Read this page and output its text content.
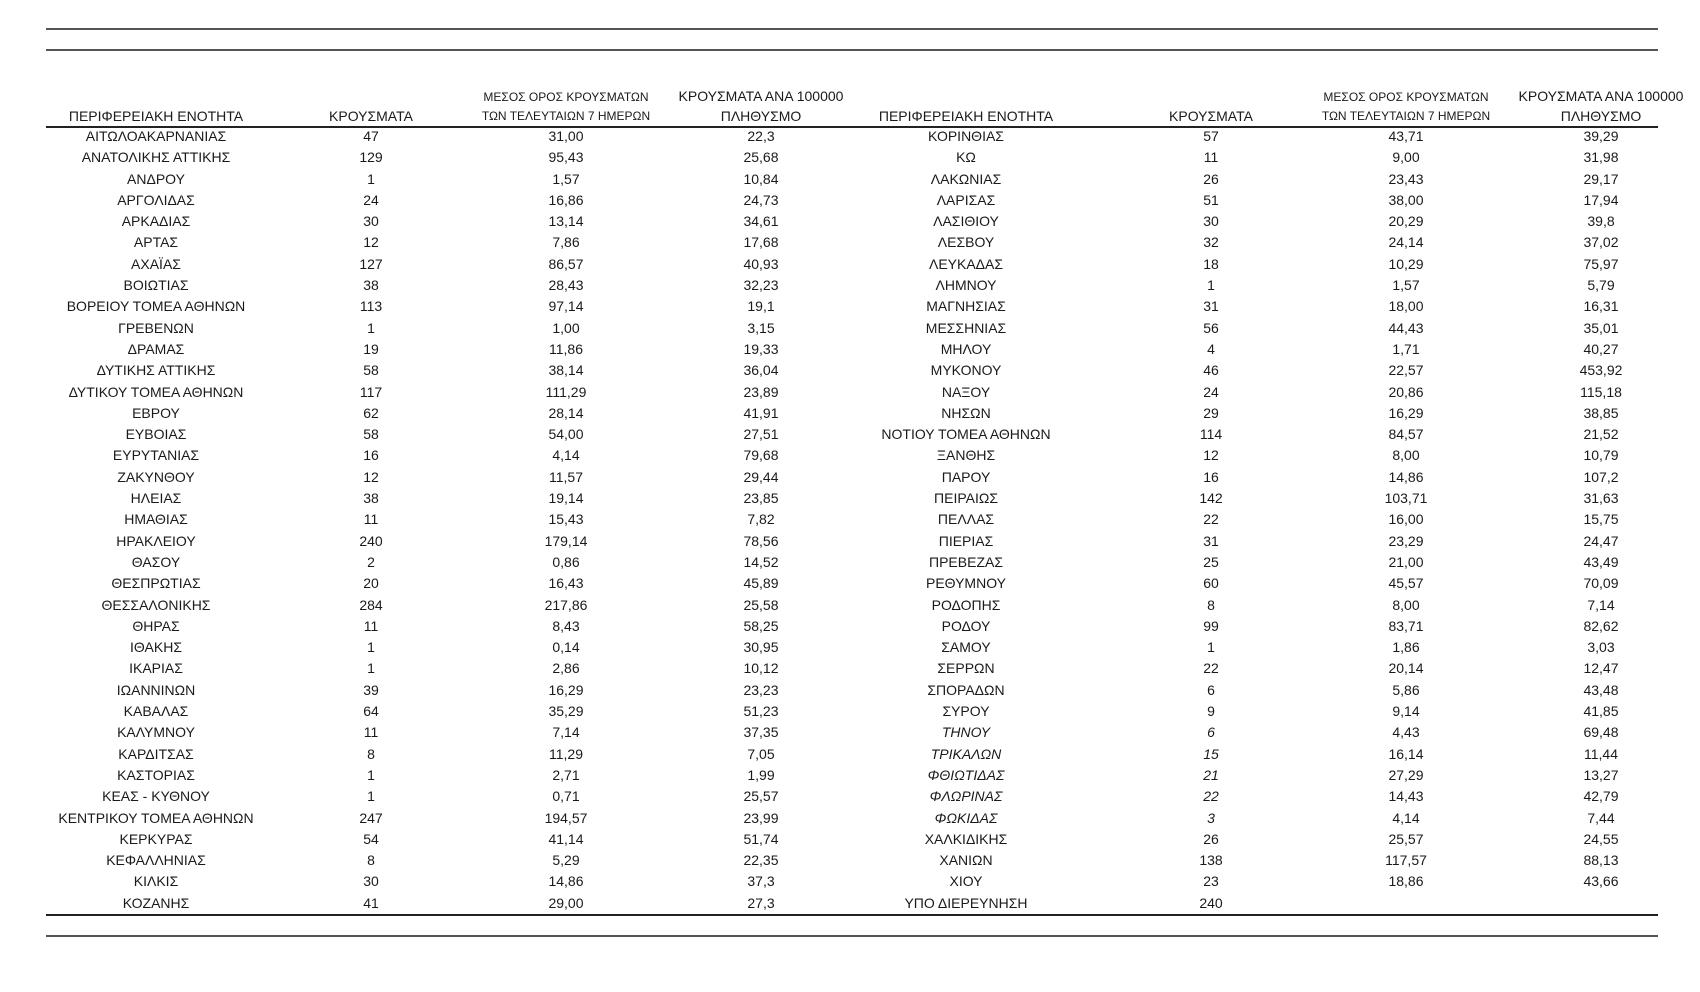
ΠΕΡΙΦΕΡΕΙΑΚΗ ΕΝΟΤΗΤΑ	ΚΡΟΥΣΜΑΤΑ
ΜΕΣΟΣ ΟΡΟΣ ΚΡΟΥΣΜΑΤΩΝ
ΤΩΝ ΤΕΛΕΥΤΑΙΩΝ 7 ΗΜΕΡΩΝ
ΚΡΟΥΣΜΑΤΑ ΑΝΑ 100000
ΠΛΗΘΥΣΜΟ
ΑΙΤΩΛΟΑΚΑΡΝΑΝΙΑΣ	47	31,00	22,3
ΑΝΑΤΟΛΙΚΗΣ ΑΤΤΙΚΗΣ	129	95,43	25,68
ΑΝΔΡΟΥ	1	1,57	10,84
ΑΡΓΟΛΙΔΑΣ	24	16,86	24,73
ΑΡΚΑΔΙΑΣ	30	13,14	34,61
ΑΡΤΑΣ	12	7,86	17,68
ΑΧΑΪΑΣ	127	86,57	40,93
ΒΟΙΩΤΙΑΣ	38	28,43	32,23
ΒΟΡΕΙΟΥ ΤΟΜΕΑ ΑΘΗΝΩΝ	113	97,14	19,1
ΓΡΕΒΕΝΩΝ	1	1,00	3,15
ΔΡΑΜΑΣ	19	11,86	19,33
ΔΥΤΙΚΗΣ ΑΤΤΙΚΗΣ	58	38,14	36,04
ΔΥΤΙΚΟΥ ΤΟΜΕΑ ΑΘΗΝΩΝ	117	111,29	23,89
ΕΒΡΟΥ	62	28,14	41,91
ΕΥΒΟΙΑΣ	58	54,00	27,51
ΕΥΡΥΤΑΝΙΑΣ	16	4,14	79,68
ΖΑΚΥΝΘΟΥ	12	11,57	29,44
ΗΛΕΙΑΣ	38	19,14	23,85
ΗΜΑΘΙΑΣ	11	15,43	7,82
ΗΡΑΚΛΕΙΟΥ	240	179,14	78,56
ΘΑΣΟΥ	2	0,86	14,52
ΘΕΣΠΡΩΤΙΑΣ	20	16,43	45,89
ΘΕΣΣΑΛΟΝΙΚΗΣ	284	217,86	25,58
ΘΗΡΑΣ	11	8,43	58,25
ΙΘΑΚΗΣ	1	0,14	30,95
ΙΚΑΡΙΑΣ	1	2,86	10,12
ΙΩΑΝΝΙΝΩΝ	39	16,29	23,23
ΚΑΒΑΛΑΣ	64	35,29	51,23
ΚΑΛΥΜΝΟΥ	11	7,14	37,35
ΚΑΡΔΙΤΣΑΣ	8	11,29	7,05
ΚΑΣΤΟΡΙΑΣ	1	2,71	1,99
ΚΕΑΣ - ΚΥΘΝΟΥ	1	0,71	25,57
ΚΕΝΤΡΙΚΟΥ ΤΟΜΕΑ ΑΘΗΝΩΝ	247	194,57	23,99
ΚΕΡΚΥΡΑΣ	54	41,14	51,74
ΚΕΦΑΛΛΗΝΙΑΣ	8	5,29	22,35
ΚΙΛΚΙΣ	30	14,86	37,3
ΚΟΖΑΝΗΣ	41	29,00	27,3
ΠΕΡΙΦΕΡΕΙΑΚΗ ΕΝΟΤΗΤΑ	ΚΡΟΥΣΜΑΤΑ
ΜΕΣΟΣ ΟΡΟΣ ΚΡΟΥΣΜΑΤΩΝ
ΤΩΝ ΤΕΛΕΥΤΑΙΩΝ 7 ΗΜΕΡΩΝ
ΚΡΟΥΣΜΑΤΑ ΑΝΑ 100000
ΠΛΗΘΥΣΜΟ
ΚΟΡΙΝΘΙΑΣ	57	43,71	39,29
ΚΩ	11	9,00	31,98
ΛΑΚΩΝΙΑΣ	26	23,43	29,17
ΛΑΡΙΣΑΣ	51	38,00	17,94
ΛΑΣΙΘΙΟΥ	30	20,29	39,8
ΛΕΣΒΟΥ	32	24,14	37,02
ΛΕΥΚΑΔΑΣ	18	10,29	75,97
ΛΗΜΝΟΥ	1	1,57	5,79
ΜΑΓΝΗΣΙΑΣ	31	18,00	16,31
ΜΕΣΣΗΝΙΑΣ	56	44,43	35,01
ΜΗΛΟΥ	4	1,71	40,27
ΜΥΚΟΝΟΥ	46	22,57	453,92
ΝΑΞΟΥ	24	20,86	115,18
ΝΗΣΩΝ	29	16,29	38,85
ΝΟΤΙΟΥ ΤΟΜΕΑ ΑΘΗΝΩΝ	114	84,57	21,52
ΞΑΝΘΗΣ	12	8,00	10,79
ΠΑΡΟΥ	16	14,86	107,2
ΠΕΙΡΑΙΩΣ	142	103,71	31,63
ΠΕΛΛΑΣ	22	16,00	15,75
ΠΙΕΡΙΑΣ	31	23,29	24,47
ΠΡΕΒΕΖΑΣ	25	21,00	43,49
ΡΕΘΥΜΝΟΥ	60	45,57	70,09
ΡΟΔΟΠΗΣ	8	8,00	7,14
ΡΟΔΟΥ	99	83,71	82,62
ΣΑΜΟΥ	1	1,86	3,03
ΣΕΡΡΩΝ	22	20,14	12,47
ΣΠΟΡΑΔΩΝ	6	5,86	43,48
ΣΥΡΟΥ	9	9,14	41,85
ΤΗΝΟΥ	6	4,43	69,48
ΤΡΙΚΑΛΩΝ	15	16,14	11,44
ΦΘΙΩΤΙΔΑΣ	21	27,29	13,27
ΦΛΩΡΙΝΑΣ	22	14,43	42,79
ΦΩΚΙΔΑΣ	3	4,14	7,44
ΧΑΛΚΙΔΙΚΗΣ	26	25,57	24,55
ΧΑΝΙΩΝ	138	117,57	88,13
ΧΙΟΥ	23	18,86	43,66
ΥΠΟ ΔΙΕΡΕΥΝΗΣΗ	240
